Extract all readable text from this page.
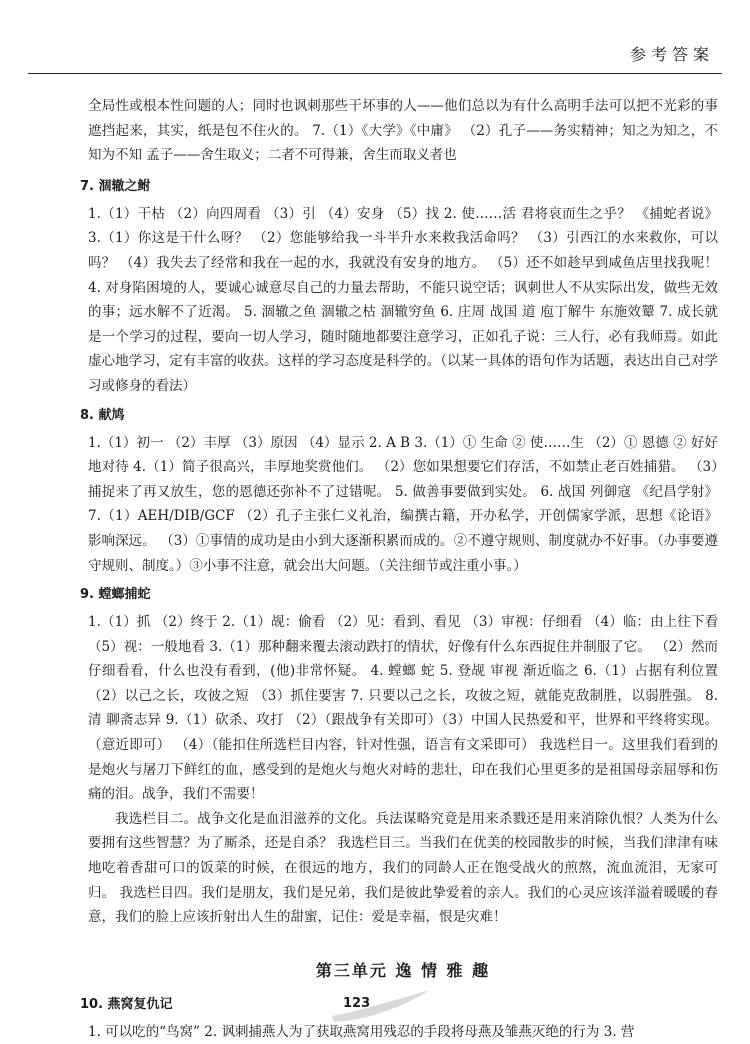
参考答案

全局性或根本性问题的人；同时也讽刺那些干坏事的人——他们总以为有什么高明手法可以把不光彩的事遮挡起来，其实，纸是包不住火的。 7.（1）《大学》《中庸》 （2）孔子——务实精神；知之为知之，不知为不知 孟子——舍生取义；二者不可得兼，舍生而取义者也

7. 涸辙之鲋

1.（1）干枯 （2）向四周看 （3）引 （4）安身 （5）找 2. 使……活 君将哀而生之乎？ 《捕蛇者说》 3.（1）你这是干什么呀？ （2）您能够给我一斗半升水来救我活命吗？ （3）引西江的水来救你，可以吗？ （4）我失去了经常和我在一起的水，我就没有安身的地方。 （5）还不如趁早到咸鱼店里找我呢！ 4. 对身陷困境的人，要诚心诚意尽自己的力量去帮助，不能只说空话；讽刺世人不从实际出发，做些无效的事；远水解不了近渴。 5. 涸辙之鱼 涸辙之枯 涸辙穷鱼 6. 庄周 战国 道 庖丁解牛 东施效颦 7. 成长就是一个学习的过程，要向一切人学习，随时随地都要注意学习，正如孔子说：三人行，必有我师焉。如此虚心地学习，定有丰富的收获。这样的学习态度是科学的。（以某一具体的语句作为话题，表达出自己对学习或修身的看法）

8. 献鸠

1.（1）初一 （2）丰厚 （3）原因 （4）显示 2. A B 3.（1）① 生命 ② 使……生 （2）① 恩德 ② 好好地对待 4.（1）简子很高兴，丰厚地奖赏他们。 （2）您如果想要它们存活，不如禁止老百姓捕猎。 （3）捕捉来了再又放生，您的恩德还弥补不了过错呢。 5. 做善事要做到实处。 6. 战国 列御寇 《纪昌学射》 7.（1）AEH/DIB/GCF （2）孔子主张仁义礼治，编撰古籍，开办私学，开创儒家学派，思想《论语》影响深远。 （3）①事情的成功是由小到大逐渐积累而成的。②不遵守规则、制度就办不好事。（办事要遵守规则、制度。）③小事不注意，就会出大问题。（关注细节或注重小事。）

9. 螳螂捕蛇

1.（1）抓 （2）终于 2.（1）觇：偷看 （2）见：看到、看见 （3）审视：仔细看 （4）临：由上往下看 （5）视：一般地看 3.（1）那种翻来覆去滚动跌打的情状，好像有什么东西捉住并制服了它。 （2）然而仔细看看，什么也没有看到，(他)非常怀疑。 4. 螳螂 蛇 5. 登觇 审视 渐近临之 6.（1）占据有利位置 （2）以己之长，攻彼之短 （3）抓住要害 7. 只要以己之长，攻彼之短，就能克敌制胜，以弱胜强。 8. 清 聊斋志异 9.（1）砍杀、攻打 （2）（跟战争有关即可）（3）中国人民热爱和平，世界和平终将实现。（意近即可） （4）（能扣住所选栏目内容，针对性强，语言有文采即可） 我选栏目一。这里我们看到的是炮火与屠刀下鲜红的血，感受到的是炮火与炮火对峙的悲壮，印在我们心里更多的是祖国母亲屈辱和伤痛的泪。战争，我们不需要！

我选栏目二。战争文化是血泪滋养的文化。兵法谋略究竟是用来杀戮还是用来消除仇恨？人类为什么要拥有这些智慧？为了厮杀，还是自杀？ 我选栏目三。当我们在优美的校园散步的时候，当我们津津有味地吃着香甜可口的饭菜的时候，在很远的地方，我们的同龄人正在饱受战火的煎熬，流血流泪，无家可归。 我选栏目四。我们是朋友，我们是兄弟，我们是彼此挚爱着的亲人。我们的心灵应该洋溢着暖暖的春意，我们的脸上应该折射出人生的甜蜜，记住：爱是幸福，恨是灾难！

第三单元 逸 情 雅 趣
10. 燕窝复仇记

1. 可以吃的“鸟窝” 2. 讽刺捕燕人为了获取燕窝用残忍的手段将母燕及雏燕灭绝的行为 3. 营

123
